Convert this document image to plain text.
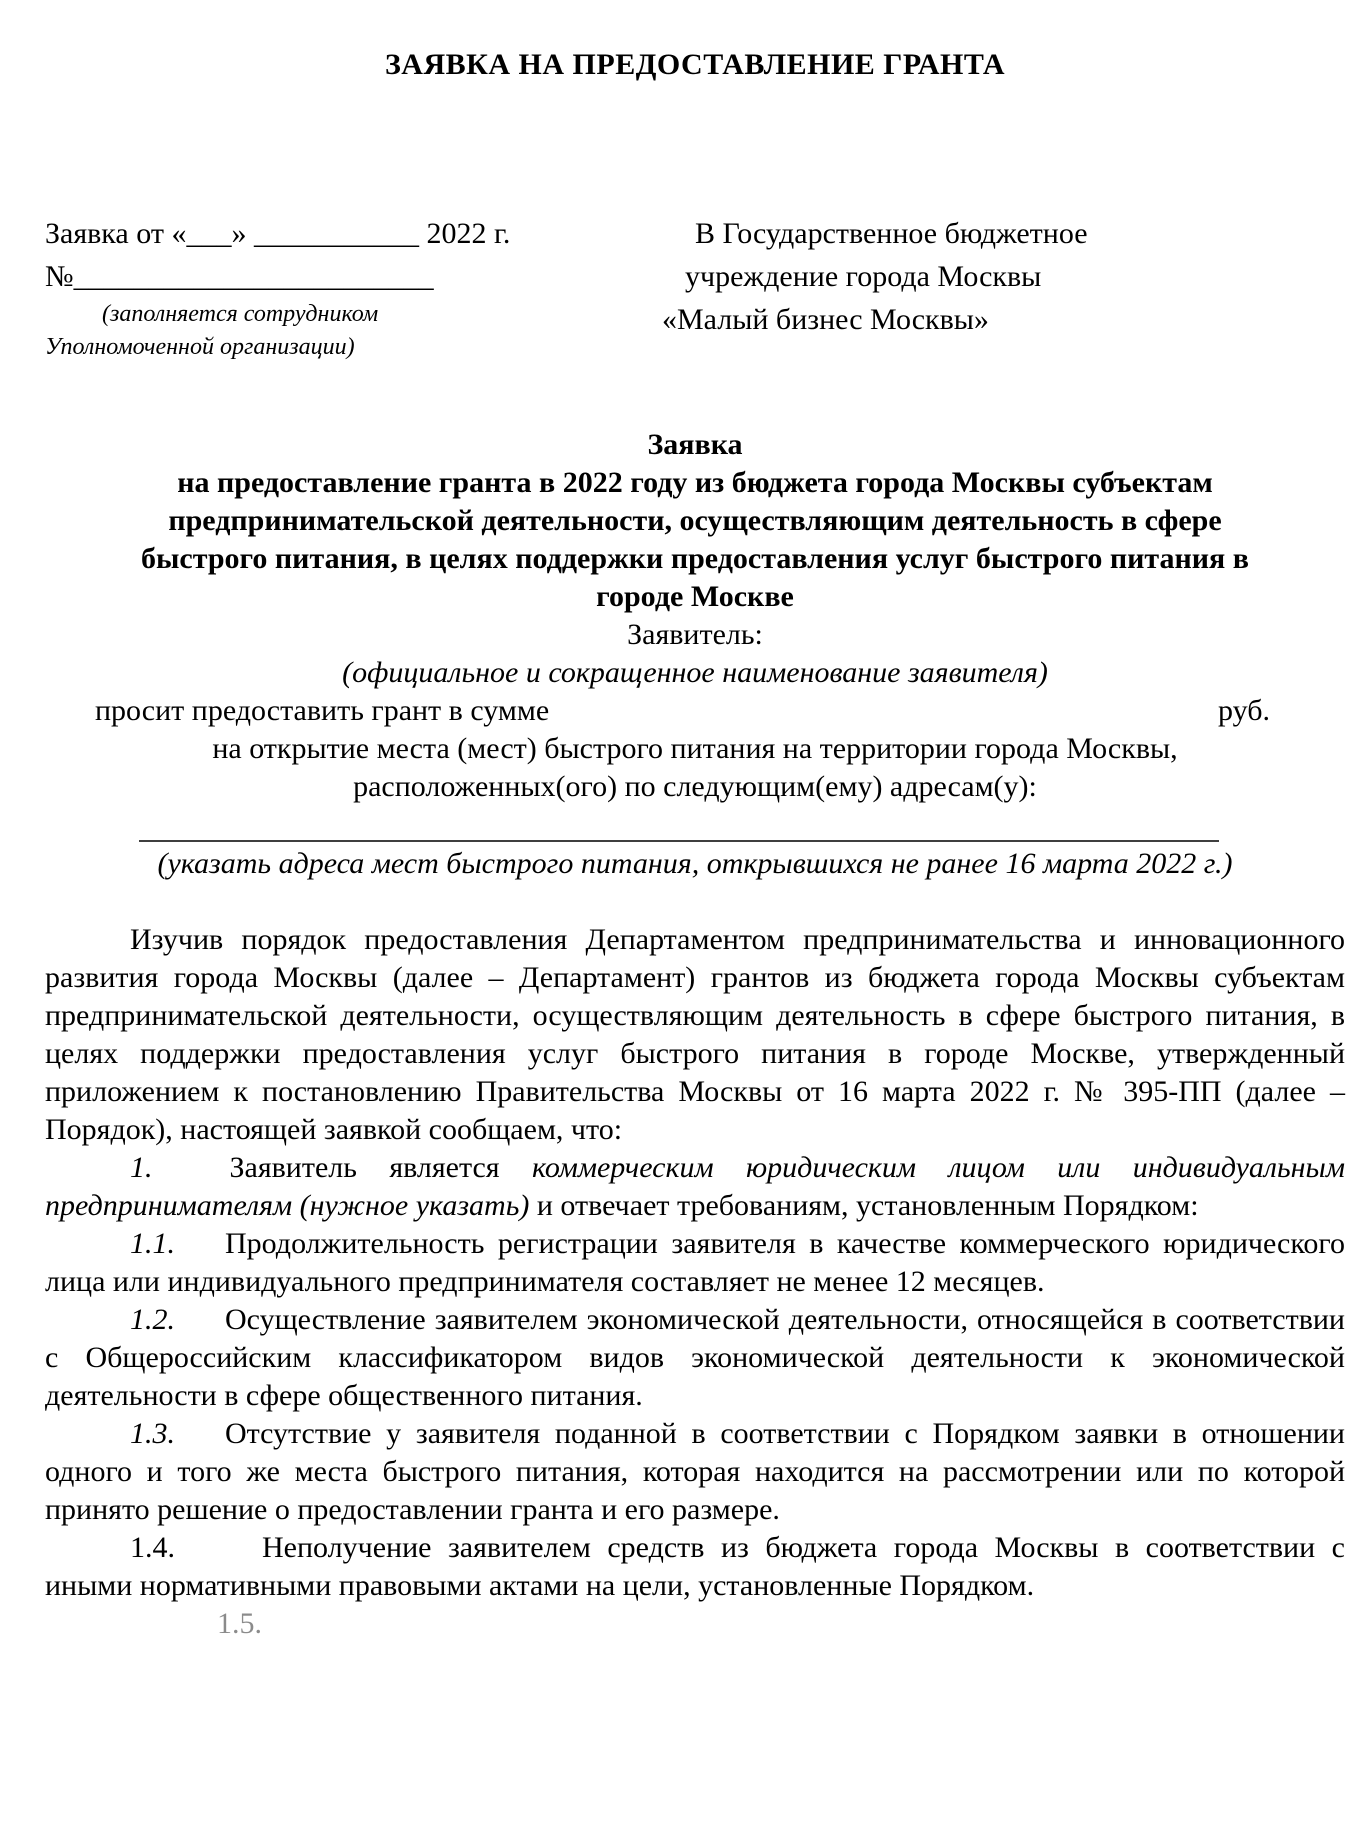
ЗАЯВКА НА ПРЕДОСТАВЛЕНИЕ ГРАНТА
Заявка от «___» ___________ 2022 г.
№________________________
(заполняется сотрудником
Уполномоченной организации)
В Государственное бюджетное
учреждение города Москвы
«Малый бизнес Москвы»
Заявка
на предоставление гранта в 2022 году из бюджета города Москвы субъектам
предпринимательской деятельности, осуществляющим деятельность в сфере
быстрого питания, в целях поддержки предоставления услуг быстрого питания в
городе Москве
Заявитель:
(официальное и сокращенное наименование заявителя)
просит предоставить грант в сумме	руб.
на открытие места (мест) быстрого питания на территории города Москвы,
расположенных(ого) по следующим(ему) адресам(у):
(указать адреса мест быстрого питания, открывшихся не ранее 16 марта 2022 г.)

Изучив порядок предоставления Департаментом предпринимательства и инновационного развития города Москвы (далее – Департамент) грантов из бюджета города Москвы субъектам предпринимательской деятельности, осуществляющим деятельность в сфере быстрого питания, в целях поддержки предоставления услуг быстрого питания в городе Москве, утвержденный приложением к постановлению Правительства Москвы от 16 марта 2022 г. № 395-ПП (далее – Порядок), настоящей заявкой сообщаем, что:

1.	Заявитель является коммерческим юридическим лицом или индивидуальным предпринимателям (нужное указать) и отвечает требованиям, установленным Порядком:

1.1. Продолжительность регистрации заявителя в качестве коммерческого юридического лица или индивидуального предпринимателя составляет не менее 12 месяцев.

1.2. Осуществление заявителем экономической деятельности, относящейся в соответствии с Общероссийским классификатором видов экономической деятельности к экономической деятельности в сфере общественного питания.

1.3. Отсутствие у заявителя поданной в соответствии с Порядком заявки в отношении одного и того же места быстрого питания, которая находится на рассмотрении или по которой принято решение о предоставлении гранта и его размере.

1.4.	Неполучение заявителем средств из бюджета города Москвы в соответствии с иными нормативными правовыми актами на цели, установленные Порядком.

1.5.
